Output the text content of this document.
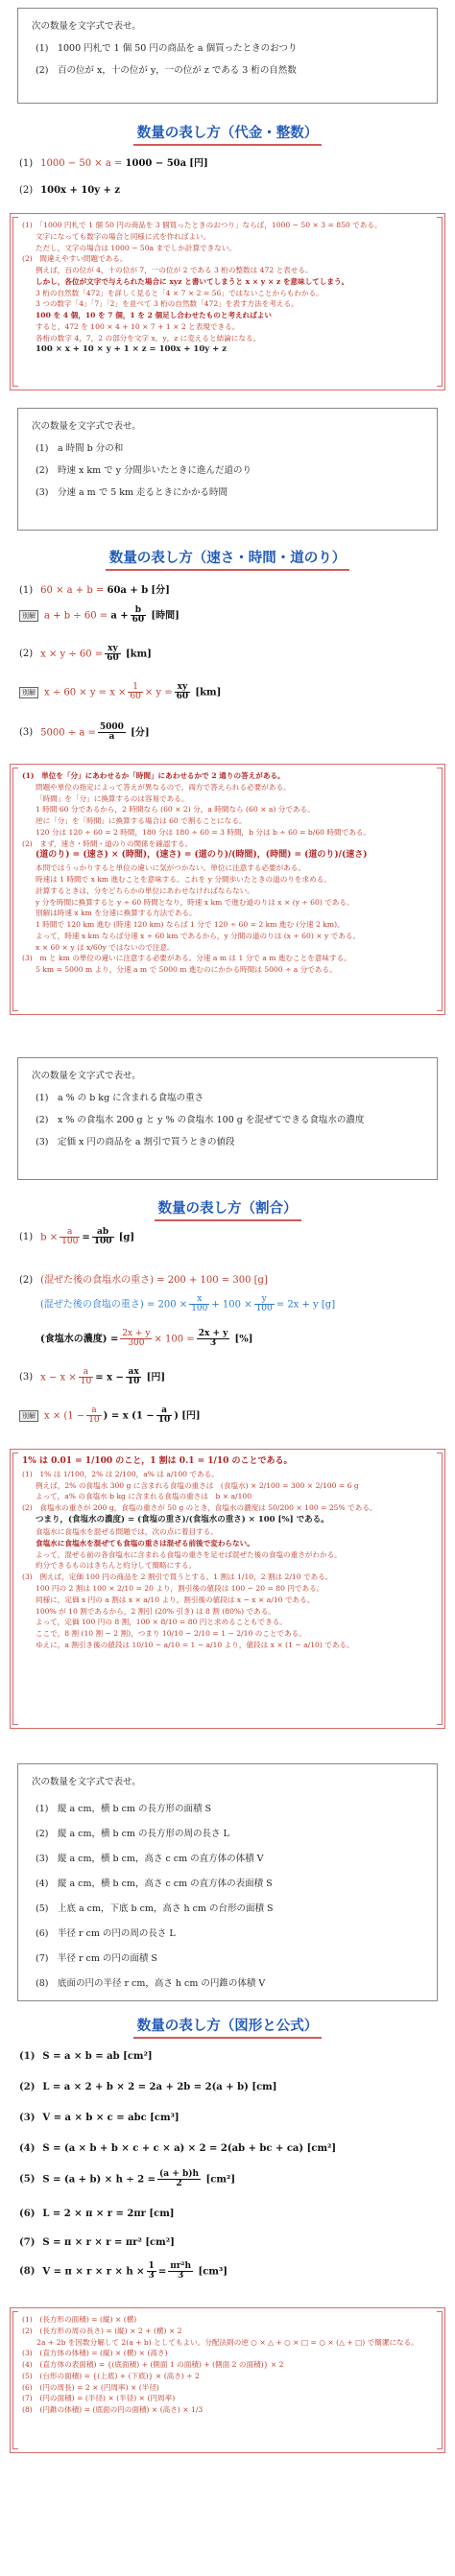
次の数量を文字式で表せ。

(1)　1000 円札で 1 個 50 円の商品を a 個買ったときのおつり

(2)　百の位が x，十の位が y，一の位が z である 3 桁の自然数

数量の表し方（代金・整数）
(1) 1000 − 50 × a = 1000 − 50a [円]
(2) 100x + 10y + z

(1)　「1000 円札で 1 個 50 円の商品を 3 個買ったときのおつり」ならば，1000 − 50 × 3 = 850 である。

文字になっても数字の場合と同様に式を作ればよい。

ただし，文字の場合は 1000 − 50a までしか計算できない。

(2)　間違えやすい問題である。

例えば，百の位が 4，十の位が 7，一の位が 2 である 3 桁の整数は 472 と表せる。

しかし，各位が文字で与えられた場合に xyz と書いてしまうと x × y × z を意味してしまう。

3 桁の自然数「472」を詳しく見ると「4 × 7 × 2 = 56」ではないことからもわかる。

3 つの数字「4」「7」「2」を並べて 3 桁の自然数「472」を表す方法を考える。

100 を 4 個，10 を 7 個，1 を 2 個足し合わせたものと考えればよい

すると，472 を 100 × 4 + 10 × 7 + 1 × 2 と表現できる。

各桁の数字 4，7，2 の部分を文字 x，y，z に変えると結論になる。

100 × x + 10 × y + 1 × z = 100x + 10y + z

次の数量を文字式で表せ。

(1)　a 時間 b 分の和

(2)　時速 x km で y 分間歩いたときに進んだ道のり

(3)　分速 a m で 5 km 走るときにかかる時間

数量の表し方（速さ・時間・道のり）
(1) 60 × a + b = 60a + b [分]
別解 $a + b \div 60 = a + \frac{b}{60}$ [時間]
(2) $x \times y \div 60 = \frac{xy}{60} [km]$
別解 $x \div 60 \times y = x \times \frac{1}{60} \times y = \frac{xy}{60} [km]$
(3) $5000 \div a = \frac{5000}{a}$ [分]

(1)　単位を「分」にあわせるか「時間」にあわせるかで 2 通りの答えがある。

問題や単位の指定によって答えが異なるので，両方で答えられる必要がある。

「時間」を「分」に換算するのは容易である。

1 時間 60 分であるから，2 時間なら (60 × 2) 分，a 時間なら (60 × a) 分である。

逆に「分」を「時間」に換算する場合は 60 で割ることになる。

120 分は 120 ÷ 60 = 2 時間，180 分は 180 ÷ 60 = 3 時間，b 分は b ÷ 60 = b/60 時間である。

(2)　まず，速さ・時間・道のりの関係を確認する。

(道のり) = (速さ) × (時間)，(速さ) = (道のり)/(時間)，(時間) = (道のり)/(速さ)

本問ではうっかりすると単位の違いに気がつかない。単位に注意する必要がある。

時速は 1 時間で x km 進むことを意味する。これを y 分間歩いたときの道のりを求める。

計算するときは，分をどちらかの単位にあわせなければならない。

y 分を時間に換算すると y ÷ 60 時間となり，時速 x km で進む道のりは x × (y ÷ 60) である。

別解は時速 x km を分速に換算する方法である。

1 時間で 120 km 進む (時速 120 km) ならば 1 分で 120 ÷ 60 = 2 km 進む (分速 2 km)。

よって，時速 x km ならば分速 x ÷ 60 km であるから，y 分間の道のりは (x ÷ 60) × y である。

x × 60 × y は x/60y ではないので注意。

(3)　m と km の単位の違いに注意する必要がある。分速 a m は 1 分で a m 進むことを意味する。

5 km = 5000 m より，分速 a m で 5000 m 進むのにかかる時間は 5000 ÷ a 分である。

次の数量を文字式で表せ。

(1)　a % の b kg に含まれる食塩の重さ

(2)　x % の食塩水 200 g と y % の食塩水 100 g を混ぜてできる食塩水の濃度

(3)　定価 x 円の商品を a 割引で買うときの値段

数量の表し方（割合）
(1) $b \times \frac{a}{100} = \frac{ab}{100} [g]$
(2) (混ぜた後の食塩水の重さ) = 200 + 100 = 300 [g]
(混ぜた後の食塩の重さ) = $200 \times \frac{x}{100} + 100 \times \frac{y}{100} = 2x + y$ [g]
(食塩水の濃度) = $\frac{2x + y}{300} \times 100 = \frac{2x + y}{3}$ [%]
(3) $x - x \times \frac{a}{10} = x - \frac{ax}{10}$ [円]
別解 $x \times (1 - \frac{a}{10}$ ) = x ($1 - \frac{a}{10}$ ) [円]

1% は 0.01 = 1/100 のこと，1 割は 0.1 = 1/10 のことである。

(1)　1% は 1/100，2% は 2/100，a% は a/100 である。

例えば，2% の食塩水 300 g に含まれる食塩の重さは　(食塩水) × 2/100 = 300 × 2/100 = 6 g

よって，a% の食塩水 b kg に含まれる食塩の重さは　b × a/100

(2)　食塩水の重さが 200 g，食塩の重さが 50 g のとき，食塩水の濃度は 50/200 × 100 = 25% である。

つまり，(食塩水の濃度) = (食塩の重さ)/(食塩水の重さ) × 100 [%] である。

食塩水に食塩水を混ぜる問題では，次の点に着目する。

食塩水に食塩水を混ぜても食塩の重さは混ぜる前後で変わらない。

よって，混ぜる前の各食塩水に含まれる食塩の重さを足せば混ぜた後の食塩の重さがわかる。

約分できるものはきちんと約分して簡略にする。

(3)　例えば，定価 100 円の商品を 2 割引で買うとする。1 割は 1/10，2 割は 2/10 である。

100 円の 2 割は 100 × 2/10 = 20 より，割引後の値段は 100 − 20 = 80 円である。

同様に，定価 x 円の a 割は x × a/10 より，割引後の値段は x − x × a/10 である。

100% が 10 割であるから，2 割引 (20% 引き) は 8 割 (80%) である。

よって，定価 100 円の 8 割，100 × 8/10 = 80 円と求めることもできる。

ここで，8 割 (10 割 − 2 割)，つまり 10/10 − 2/10 = 1 − 2/10 のことである。

ゆえに，a 割引き後の値段は 10/10 − a/10 = 1 − a/10 より，値段は x × (1 − a/10) である。

次の数量を文字式で表せ。

(1)　縦 a cm，横 b cm の長方形の面積 S

(2)　縦 a cm，横 b cm の長方形の周の長さ L

(3)　縦 a cm，横 b cm，高さ c cm の直方体の体積 V

(4)　縦 a cm，横 b cm，高さ c cm の直方体の表面積 S

(5)　上底 a cm，下底 b cm，高さ h cm の台形の面積 S

(6)　半径 r cm の円の周の長さ L

(7)　半径 r cm の円の面積 S

(8)　底面の円の半径 r cm，高さ h cm の円錐の体積 V

数量の表し方（図形と公式）
(1) S = a × b = ab [cm²]
(2) L = a × 2 + b × 2 = 2a + 2b = 2(a + b) [cm]
(3) V = a × b × c = abc [cm³]
(4) S = (a × b + b × c + c × a) × 2 = 2(ab + bc + ca) [cm²]
(5) $S = (a + b) \times h \div 2 = \frac{(a + b)h}{2} [cm^2]$
(6) L = 2 × π × r = 2πr [cm]
(7) S = π × r × r = πr² [cm²]
(8) $V = \pi \times r \times r \times h \times \frac{1}{3} = \frac{\text{πr²h}}{3} [cm^3]$

(1)　(長方形の面積) = (縦) × (横)

(2)　(長方形の周の長さ) = (縦) × 2 + (横) × 2

　　2a + 2b を因数分解して 2(a + b) としてもよい。分配法則の逆 ○ × △ + ○ × □ = ○ × (△ + □) で簡潔になる。

(3)　(直方体の体積) = (縦) × (横) × (高さ)

(4)　(直方体の表面積) = {(底面積) + (側面 1 の面積) + (側面 2 の面積)} × 2

(5)　(台形の面積) = {(上底) + (下底)} × (高さ) ÷ 2

(6)　(円の周長) = 2 × (円周率) × (半径)

(7)　(円の面積) = (半径) × (半径) × (円周率)

(8)　(円錐の体積) = (底面の円の面積) × (高さ) × 1/3
